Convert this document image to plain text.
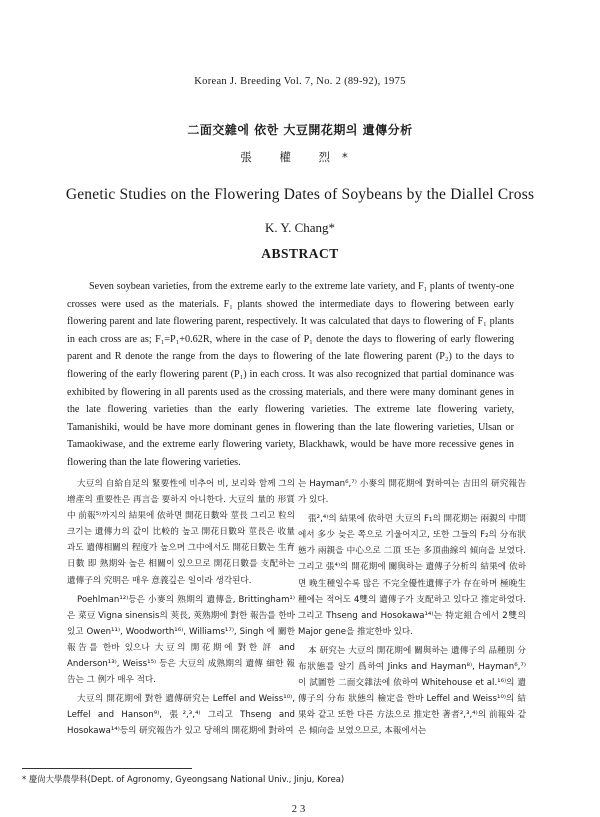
Korean J. Breeding Vol. 7, No. 2 (89-92), 1975
二面交雜에 依한 大豆開花期의 遺傳分析
張 權 烈*
Genetic Studies on the Flowering Dates of Soybeans by the Diallel Cross
K. Y. Chang*
ABSTRACT
Seven soybean varieties, from the extreme early to the extreme late variety, and F₁ plants of twenty-one crosses were used as the materials. F₁ plants showed the intermediate days to flowering between early flowering parent and late flowering parent, respectively. It was calculated that days to flowering of F₁ plants in each cross are as; F₁=P₁+0.62R, where in the case of P₁ denote the days to flowering of early flowering parent and R denote the range from the days to flowering of the late flowering parent (P₂) to the days to flowering of the early flowering parent (P₁) in each cross. It was also recognized that partial dominance was exhibited by flowering in all parents used as the crossing materials, and there were many dominant genes in the late flowering varieties than the early flowering varieties. The extreme late flowering variety, Tamanishiki, would be have more dominant genes in flowering than the late flowering varieties, Ulsan or Tamaokiwase, and the extreme early flowering variety, Blackhawk, would be have more recessive genes in flowering than the late flowering varieties.

大豆의 自給自足의 緊要性에 비추어 비, 보리와 함께 그의 增產의 重要性은 再言을 要하지 아니한다. 大豆의 量的 形質 中 前報⁵⁾까지의 結果에 依하면 開花日數와 莖長 그리고 粒의 크기는 遺傳力의 값이 比較的 높고 開花日數와 莖長은 收量과도 遺傳相關의 程度가 높으며 그中에서도 開花日數는 生育日數 即 熟期와 높은 相關이 있으므로 開花日數를 支配하는 遺傳子의 究明은 매우 意義깊은 일이라 생각된다.

Poehlman¹²⁾등은 小麥의 熟期의 遺傳을, Brittingham¹⁾은 菜豆 Vigna sinensis의 莢長, 莢熟期에 對한 報告를 한바 있고 Owen¹¹⁾, Woodworth¹⁶⁾, Williams¹⁷⁾, Singh 에 關한 報告를 한바 있으나 大豆의 開花期에 對한 評 and Anderson¹³⁾, Weiss¹⁵⁾ 등은 大豆의 成熟期의 遺傳 細한 報告는 그 例가 매우 적다.

大豆의 開花期에 對한 遺傳研究는 Leffel and Weiss¹⁰⁾, Leffel and Hanson⁹⁾, 張²,³,⁴⁾ 그리고 Thseng and Hosokawa¹⁴⁾등의 研究報告가 있고 당해의 開花期에 對하여

는 Hayman⁶,⁷⁾ 小麥의 開花期에 對하여는 吉田의 研究報告가 있다.

張²,⁴⁾의 結果에 依하면 大豆의 F₁의 開花期는 兩親의 中間에서 多少 늦은 쪽으로 기울어지고, 또한 그들의 F₂의 分布狀態가 兩親을 中心으로 二頂 또는 多頂曲線의 傾向을 보였다. 그리고 張⁴⁾의 開花期에 關與하는 遺傳子分析의 結果에 依하면 晚生種일수록 많은 不完全優性遺傳子가 存在하며 極晚生種에는 적어도 4雙의 遺傳子가 支配하고 있다고 推定하였다. 그리고 Thseng and Hosokawa¹⁴⁾는 特定組合에서 2雙의 Major gene을 推定한바 있다.

本 研究는 大豆의 開花期에 關與하는 遺傳子의 品種別 分布狀態를 알기 爲하여 Jinks and Hayman⁸⁾, Hayman⁶,⁷⁾ 이 試圖한 二面交雜法에 依하여 Whitehouse et al.¹⁶⁾의 遺傳子의 分布 狀態의 檢定을 한바 Leffel and Weiss¹⁰⁾의 結果와 같고 또한 다른 方法으로 推定한 著者²,³,⁴⁾의 前報와 같은 傾向을 보였으므로, 本報에서는

* 慶尙大學農學科(Dept. of Agronomy, Gyeongsang National Univ., Jinju, Korea)
23
